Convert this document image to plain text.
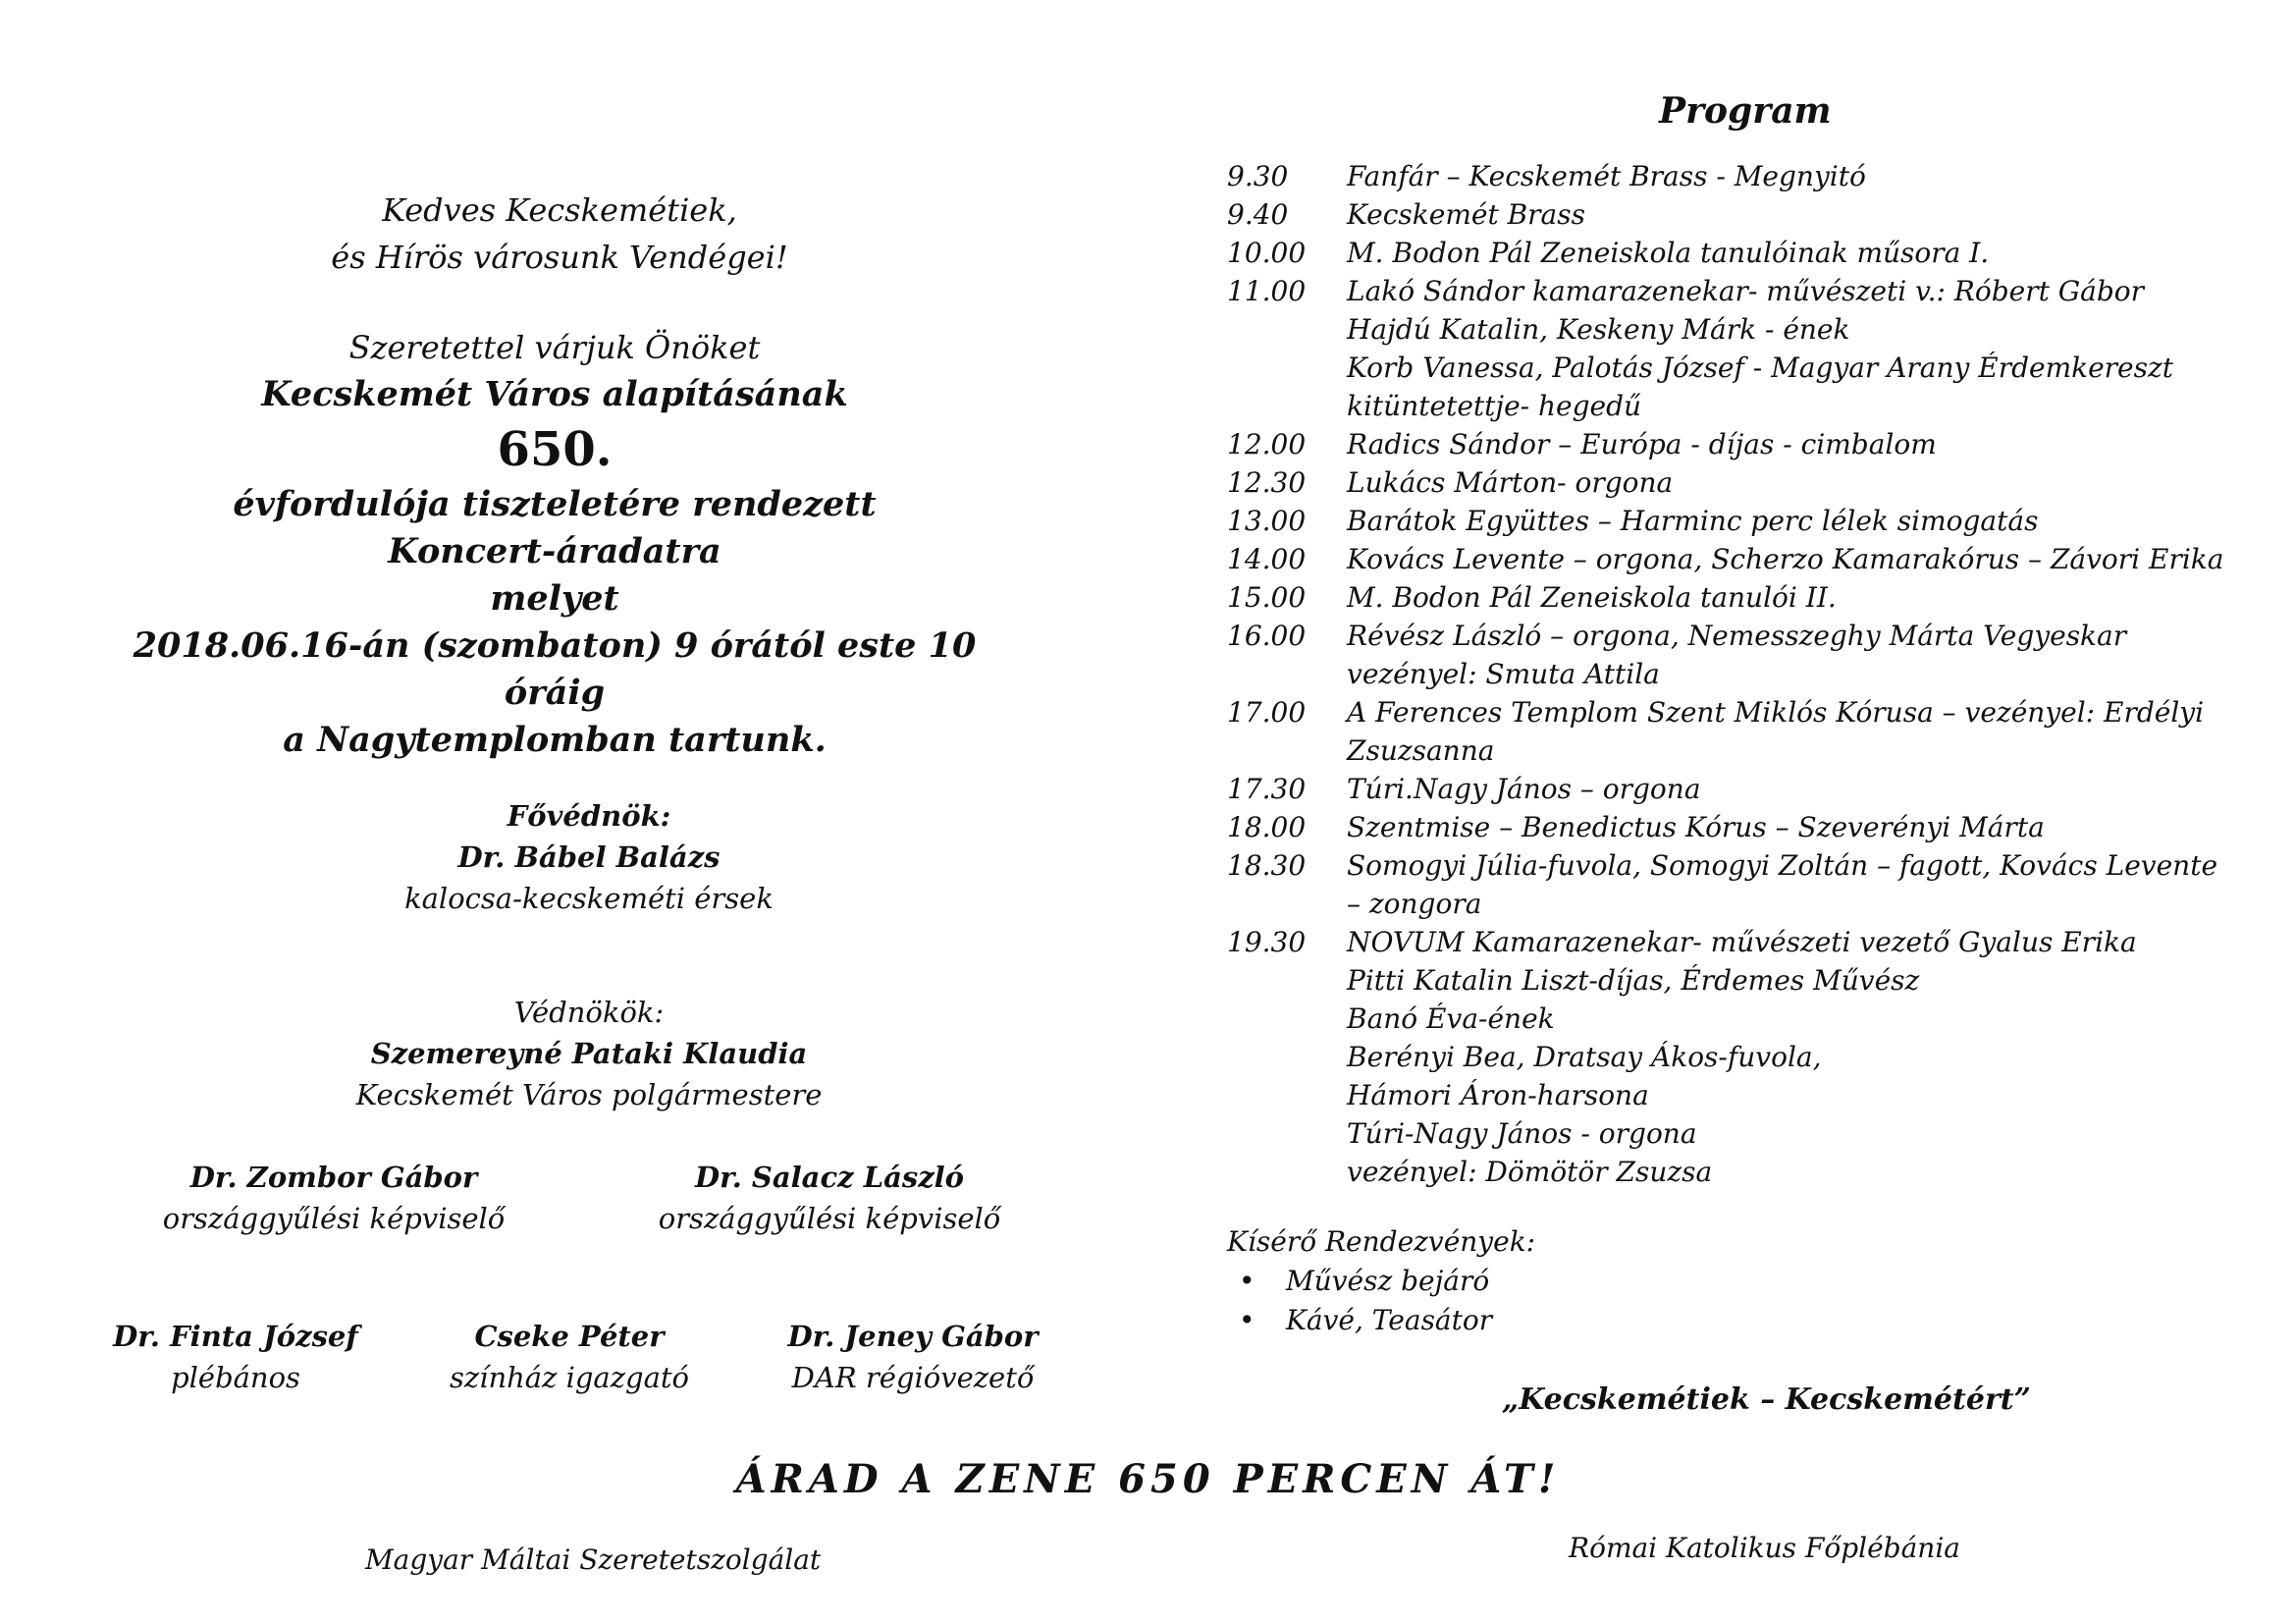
Kedves Kecskemétiek,
és Hírös városunk Vendégei!
Szeretettel várjuk Önöket
Kecskemét Város alapításának
650.
évfordulója tiszteletére rendezett
Koncert-áradatra
melyet
2018.06.16-án (szombaton) 9 órától este 10 óráig
a Nagytemplomban tartunk.
Fővédnök:
Dr. Bábel Balázs
kalocsa-kecskeméti érsek
Védnökök:
Szemereyné Pataki Klaudia
Kecskemét Város polgármestere
Dr. Zombor Gábor
országgyűlési képviselő
Dr. Salacz László
országgyűlési képviselő
Dr. Finta József
plébános
Cseke Péter
színház igazgató
Dr. Jeney Gábor
DAR régióvezető
Program
9.30	Fanfár – Kecskemét Brass - Megnyitó
9.40	Kecskemét Brass
10.00	M. Bodon Pál Zeneiskola tanulóinak műsora I.
11.00	Lakó Sándor kamarazenekar- művészeti v.: Róbert Gábor
Hajdú Katalin, Keskeny Márk - ének
Korb Vanessa, Palotás József - Magyar Arany Érdemkereszt
kitüntetettje- hegedű
12.00	Radics Sándor – Európa - díjas - cimbalom
12.30	Lukács Márton- orgona
13.00	Barátok Együttes – Harminc perc lélek simogatás
14.00	Kovács Levente – orgona, Scherzo Kamarakórus – Závori Erika
15.00	M. Bodon Pál Zeneiskola tanulói II.
16.00	Révész László – orgona, Nemesszeghy Márta Vegyeskar
vezényel: Smuta Attila
17.00	A Ferences Templom Szent Miklós Kórusa – vezényel: Erdélyi
Zsuzsanna
17.30	Túri.Nagy János – orgona
18.00	Szentmise – Benedictus Kórus – Szeverényi Márta
18.30	Somogyi Júlia-fuvola, Somogyi Zoltán – fagott, Kovács Levente
– zongora
19.30	NOVUM Kamarazenekar- művészeti vezető Gyalus Erika
Pitti Katalin Liszt-díjas, Érdemes Művész
Banó Éva-ének
Berényi Bea, Dratsay Ákos-fuvola,
Hámori Áron-harsona
Túri-Nagy János - orgona
vezényel: Dömötör Zsuzsa
Kísérő Rendezvények:
• Művész bejáró
• Kávé, Teasátor
„Kecskemétiek – Kecskemétért”
ÁRAD A ZENE 650 PERCEN ÁT!
Magyar Máltai Szeretetszolgálat	Római Katolikus Főplébánia
